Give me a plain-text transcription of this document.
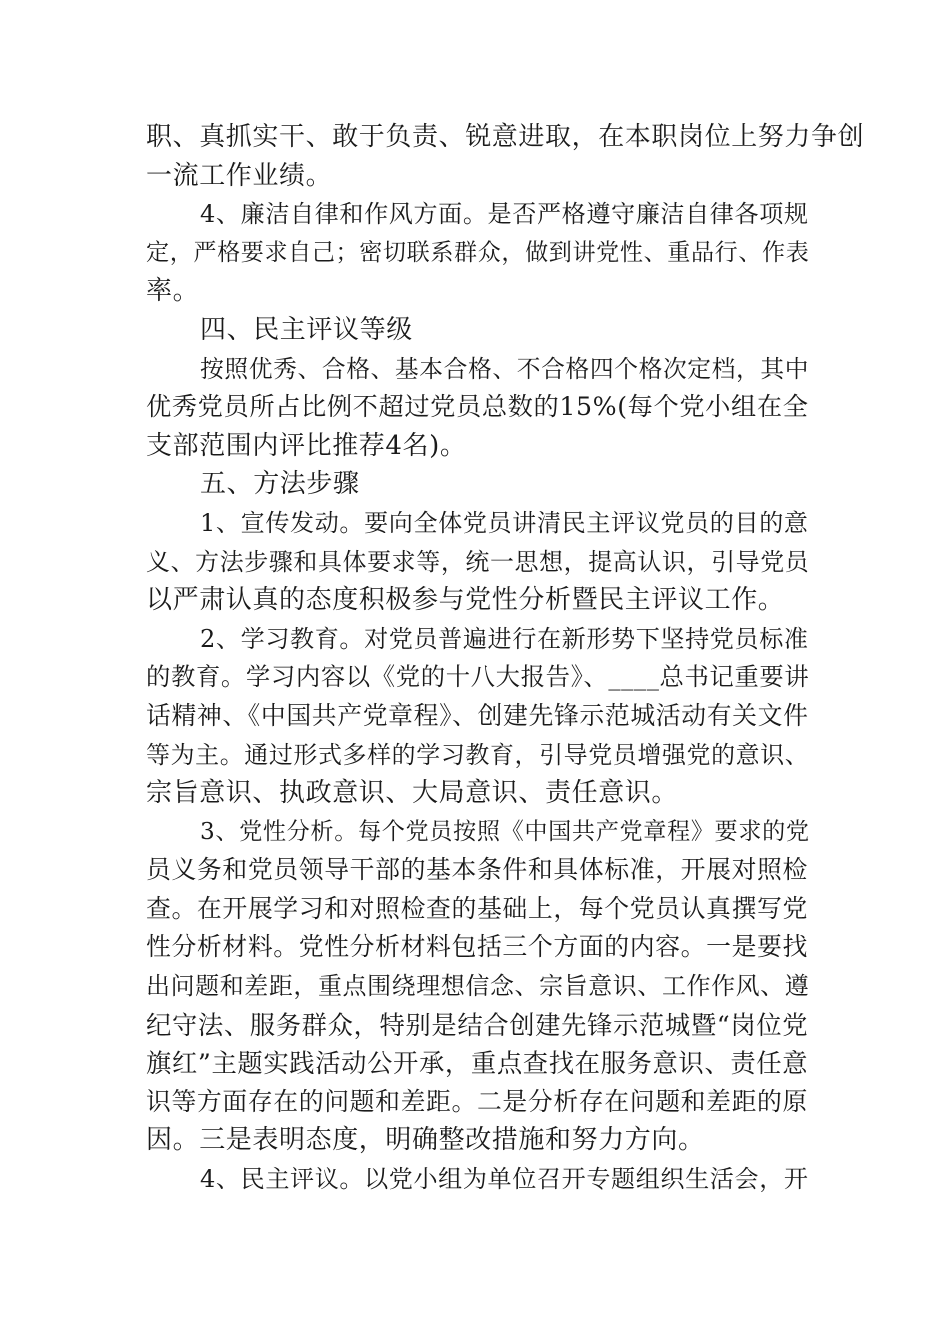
职、真抓实干、敢于负责、锐意进取，在本职岗位上努力争创
一流工作业绩。
4、廉洁自律和作风方面。是否严格遵守廉洁自律各项规
定，严格要求自己；密切联系群众，做到讲党性、重品行、作表
率。
四、民主评议等级
按照优秀、合格、基本合格、不合格四个格次定档，其中
优秀党员所占比例不超过党员总数的15%(每个党小组在全
支部范围内评比推荐4名)。
五、方法步骤
1、宣传发动。要向全体党员讲清民主评议党员的目的意
义、方法步骤和具体要求等，统一思想，提高认识，引导党员
以严肃认真的态度积极参与党性分析暨民主评议工作。
2、学习教育。对党员普遍进行在新形势下坚持党员标准
的教育。学习内容以《党的十八大报告》、____总书记重要讲
话精神、《中国共产党章程》、创建先锋示范城活动有关文件
等为主。通过形式多样的学习教育，引导党员增强党的意识、
宗旨意识、执政意识、大局意识、责任意识。
3、党性分析。每个党员按照《中国共产党章程》要求的党
员义务和党员领导干部的基本条件和具体标准，开展对照检
查。在开展学习和对照检查的基础上，每个党员认真撰写党
性分析材料。党性分析材料包括三个方面的内容。一是要找
出问题和差距，重点围绕理想信念、宗旨意识、工作作风、遵
纪守法、服务群众，特别是结合创建先锋示范城暨“岗位党
旗红”主题实践活动公开承，重点查找在服务意识、责任意
识等方面存在的问题和差距。二是分析存在问题和差距的原
因。三是表明态度，明确整改措施和努力方向。
4、民主评议。以党小组为单位召开专题组织生活会，开
